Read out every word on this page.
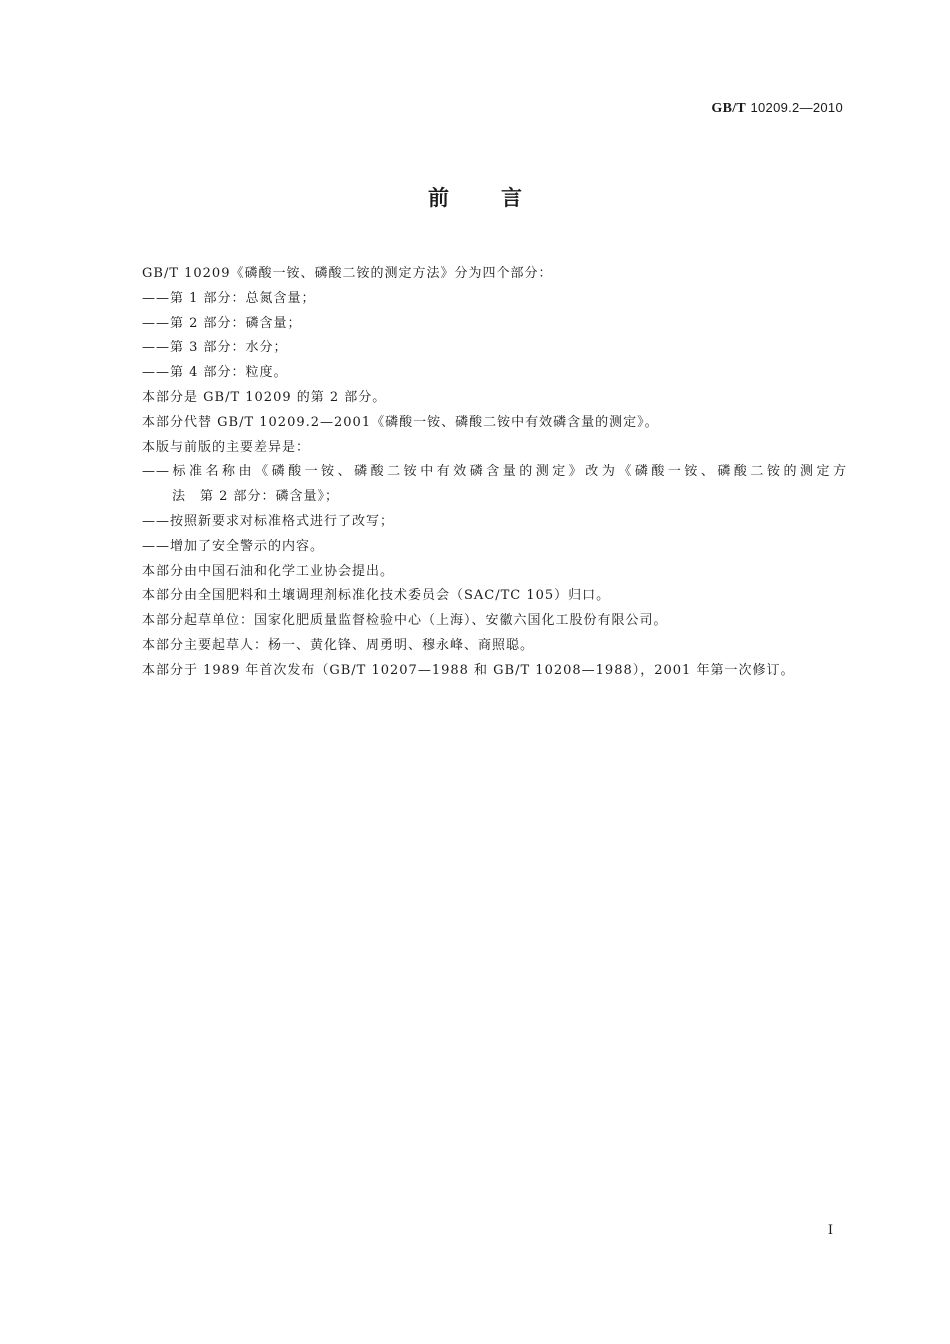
GB/T 10209.2—2010
前言

GB/T 10209《磷酸一铵、磷酸二铵的测定方法》分为四个部分：

——第 1 部分：总氮含量；

——第 2 部分：磷含量；

——第 3 部分：水分；

——第 4 部分：粒度。

本部分是 GB/T 10209 的第 2 部分。

本部分代替 GB/T 10209.2—2001《磷酸一铵、磷酸二铵中有效磷含量的测定》。

本版与前版的主要差异是：

——标准名称由《磷酸一铵、磷酸二铵中有效磷含量的测定》改为《磷酸一铵、磷酸二铵的测定方

法　第 2 部分：磷含量》；

——按照新要求对标准格式进行了改写；

——增加了安全警示的内容。

本部分由中国石油和化学工业协会提出。

本部分由全国肥料和土壤调理剂标准化技术委员会（SAC/TC 105）归口。

本部分起草单位：国家化肥质量监督检验中心（上海）、安徽六国化工股份有限公司。

本部分主要起草人：杨一、黄化锋、周勇明、穆永峰、商照聪。

本部分于 1989 年首次发布（GB/T 10207—1988 和 GB/T 10208—1988），2001 年第一次修订。

I
